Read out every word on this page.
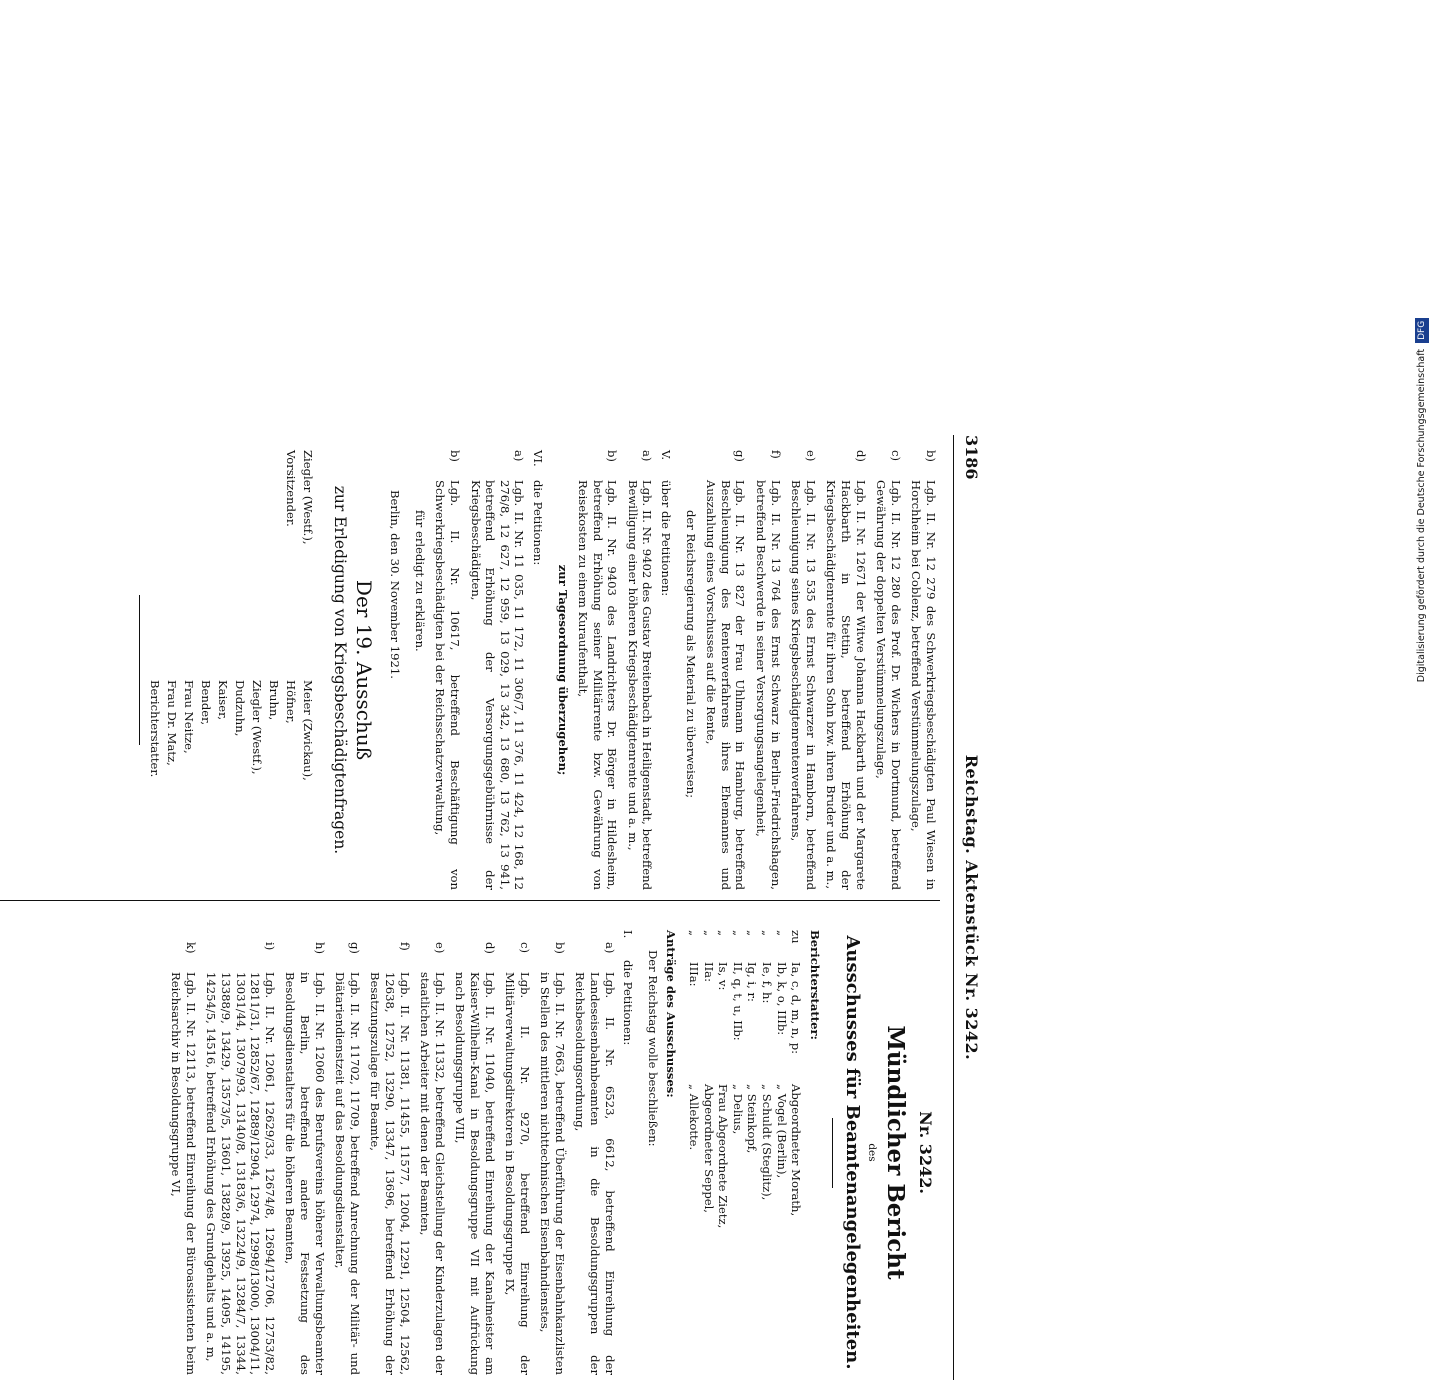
Digitalisierung gefördert durch die Deutsche ForschungsgemeinschaftDFG
3186
Reichstag. Aktenstück Nr. 3242.
b)
Lgb. II. Nr. 12 279 des Schwerkriegsbeschädigten Paul Wiesen in Horchheim bei Coblenz, betreffend Verstümmelungszulage,
c)
Lgb. II. Nr. 12 280 des Prof. Dr. Wichers in Dortmund, betreffend Gewährung der doppelten Verstümmelungszulage,
d)
Lgb. II. Nr. 12671 der Witwe Johanna Hackbarth und der Margarete Hackbarth in Stettin, betreffend Erhöhung der Kriegsbeschädigtenrente für ihren Sohn bzw. ihren Bruder und a. m.,
e)
Lgb. II. Nr. 13 535 des Ernst Schwarzer in Hamborn, betreffend Beschleunigung seines Kriegsbeschädigtenrentenverfahrens,
f)
Lgb. II. Nr. 13 764 des Ernst Schwarz in Berlin-Friedrichshagen, betreffend Beschwerde in seiner Versorgungsangelegenheit,
g)
Lgb. II. Nr. 13 827 der Frau Uhlmann in Hamburg, betreffend Beschleunigung des Rentenverfahrens ihres Ehemannes und Auszahlung eines Vorschusses auf die Rente,
der Reichsregierung als Material zu überweisen;
V.über die Petitionen:
a)
Lgb. II. Nr. 9402 des Gustav Breitenbach in Heiligenstadt, betreffend Bewilligung einer höheren Kriegsbeschädigtenrente und a. m.,
b)
Lgb. II. Nr. 9403 des Landrichters Dr. Börger in Hildesheim, betreffend Erhöhung seiner Militärrente bzw. Gewährung von Reisekosten zu einem Kuraufenthalt,
zur Tagesordnung überzugehen;
VI.die Petitionen:
a)
Lgb. II. Nr. 11 035, 11 172, 11 306/7, 11 376, 11 424, 12 168, 12 276/8, 12 627, 12 959, 13 029, 13 342, 13 680, 13 762, 13 941, betreffend Erhöhung der Versorgungsgebührnisse der Kriegsbeschädigten,
b)
Lgb. II. Nr. 10617, betreffend Beschäftigung von Schwerkriegsbeschädigten bei der Reichsschatzverwaltung,
für erledigt zu erklären.
Berlin, den 30. November 1921.
Der 19. Ausschuß
zur Erledigung von Kriegsbeschädigtenfragen.
Ziegler (Westf.),
Vorsitzender.
Meier (Zwickau),
Höfner,
Bruhn,
Ziegler (Westf.),
Dudzuhn,
Kaiser,
Bender,
Frau Neitze,
Frau Dr. Matz,
Berichterstatter.
Nr. 3242.
Mündlicher Bericht
des
Ausschusses für Beamtenangelegenheiten.
Berichterstatter:
zu	Ia, c, d, m, n, p:	Abgeordneter Morath,
„	Ib, k, o, IIIb:	„ Vogel (Berlin),
„	Ie, f, h:	„ Schuldt (Steglitz),
„	Ig, i, r:	„ Steinkopf,
„	II, q, t, u, IIb:	„ Delius,
„	Is, v:	Frau Abgeordnete Zietz,
„	IIa:	Abgeordneter Seppel,
„	IIIa:	„ Allekotte.
Anträge des Ausschusses:
Der Reichstag wolle beschließen:
I.die Petitionen:
a)
Lgb. II. Nr. 6523, 6612, betreffend Einreihung der Landeseisenbahnbeamten in die Besoldungsgruppen der Reichsbesoldungsordnung,
b)
Lgb. II. Nr. 7663, betreffend Überführung der Eisenbahnkanzlisten in Stellen des mittleren nichttechnischen Eisenbahndienstes,
c)
Lgb. II. Nr. 9270, betreffend Einreihung der Militärverwaltungsdirektoren in Besoldungsgruppe IX,
d)
Lgb. II. Nr. 11040, betreffend Einreihung der Kanalmeister am Kaiser-Wilhelm-Kanal in Besoldungsgruppe VII mit Aufrückung nach Besoldungsgruppe VIII,
e)
Lgb. II. Nr. 11332, betreffend Gleichstellung der Kinderzulagen der staatlichen Arbeiter mit denen der Beamten,
f)
Lgb. II. Nr. 11381, 11455, 11577, 12004, 12291, 12504, 12562, 12638, 12752, 13290, 13347, 13696, betreffend Erhöhung der Besatzungszulage für Beamte,
g)
Lgb. II. Nr. 11702, 11709, betreffend Anrechnung der Militär- und Diätariendienstzeit auf das Besoldungsdienstalter,
h)
Lgb. II. Nr. 12060 des Berufsvereins höherer Verwaltungsbeamter in Berlin, betreffend andere Festsetzung des Besoldungsdienstalters für die höheren Beamten,
i)
Lgb. II. Nr. 12061, 12629/33, 12674/8, 12694/12706, 12753/82, 12811/31, 12852/67, 12889/12904, 12974, 12998/13000, 13004/11, 13031/44, 13079/93, 13140/8, 13183/6, 13224/9, 13284/7, 13344, 13388/9, 13429, 13573/5, 13601, 13828/9, 13925, 14095, 14195, 14254/5, 14516, betreffend Erhöhung des Grundgehalts und a. m,
k)
Lgb. II. Nr. 12113, betreffend Einreihung der Büroassistenten beim Reichsarchiv in Besoldungsgruppe VI,
